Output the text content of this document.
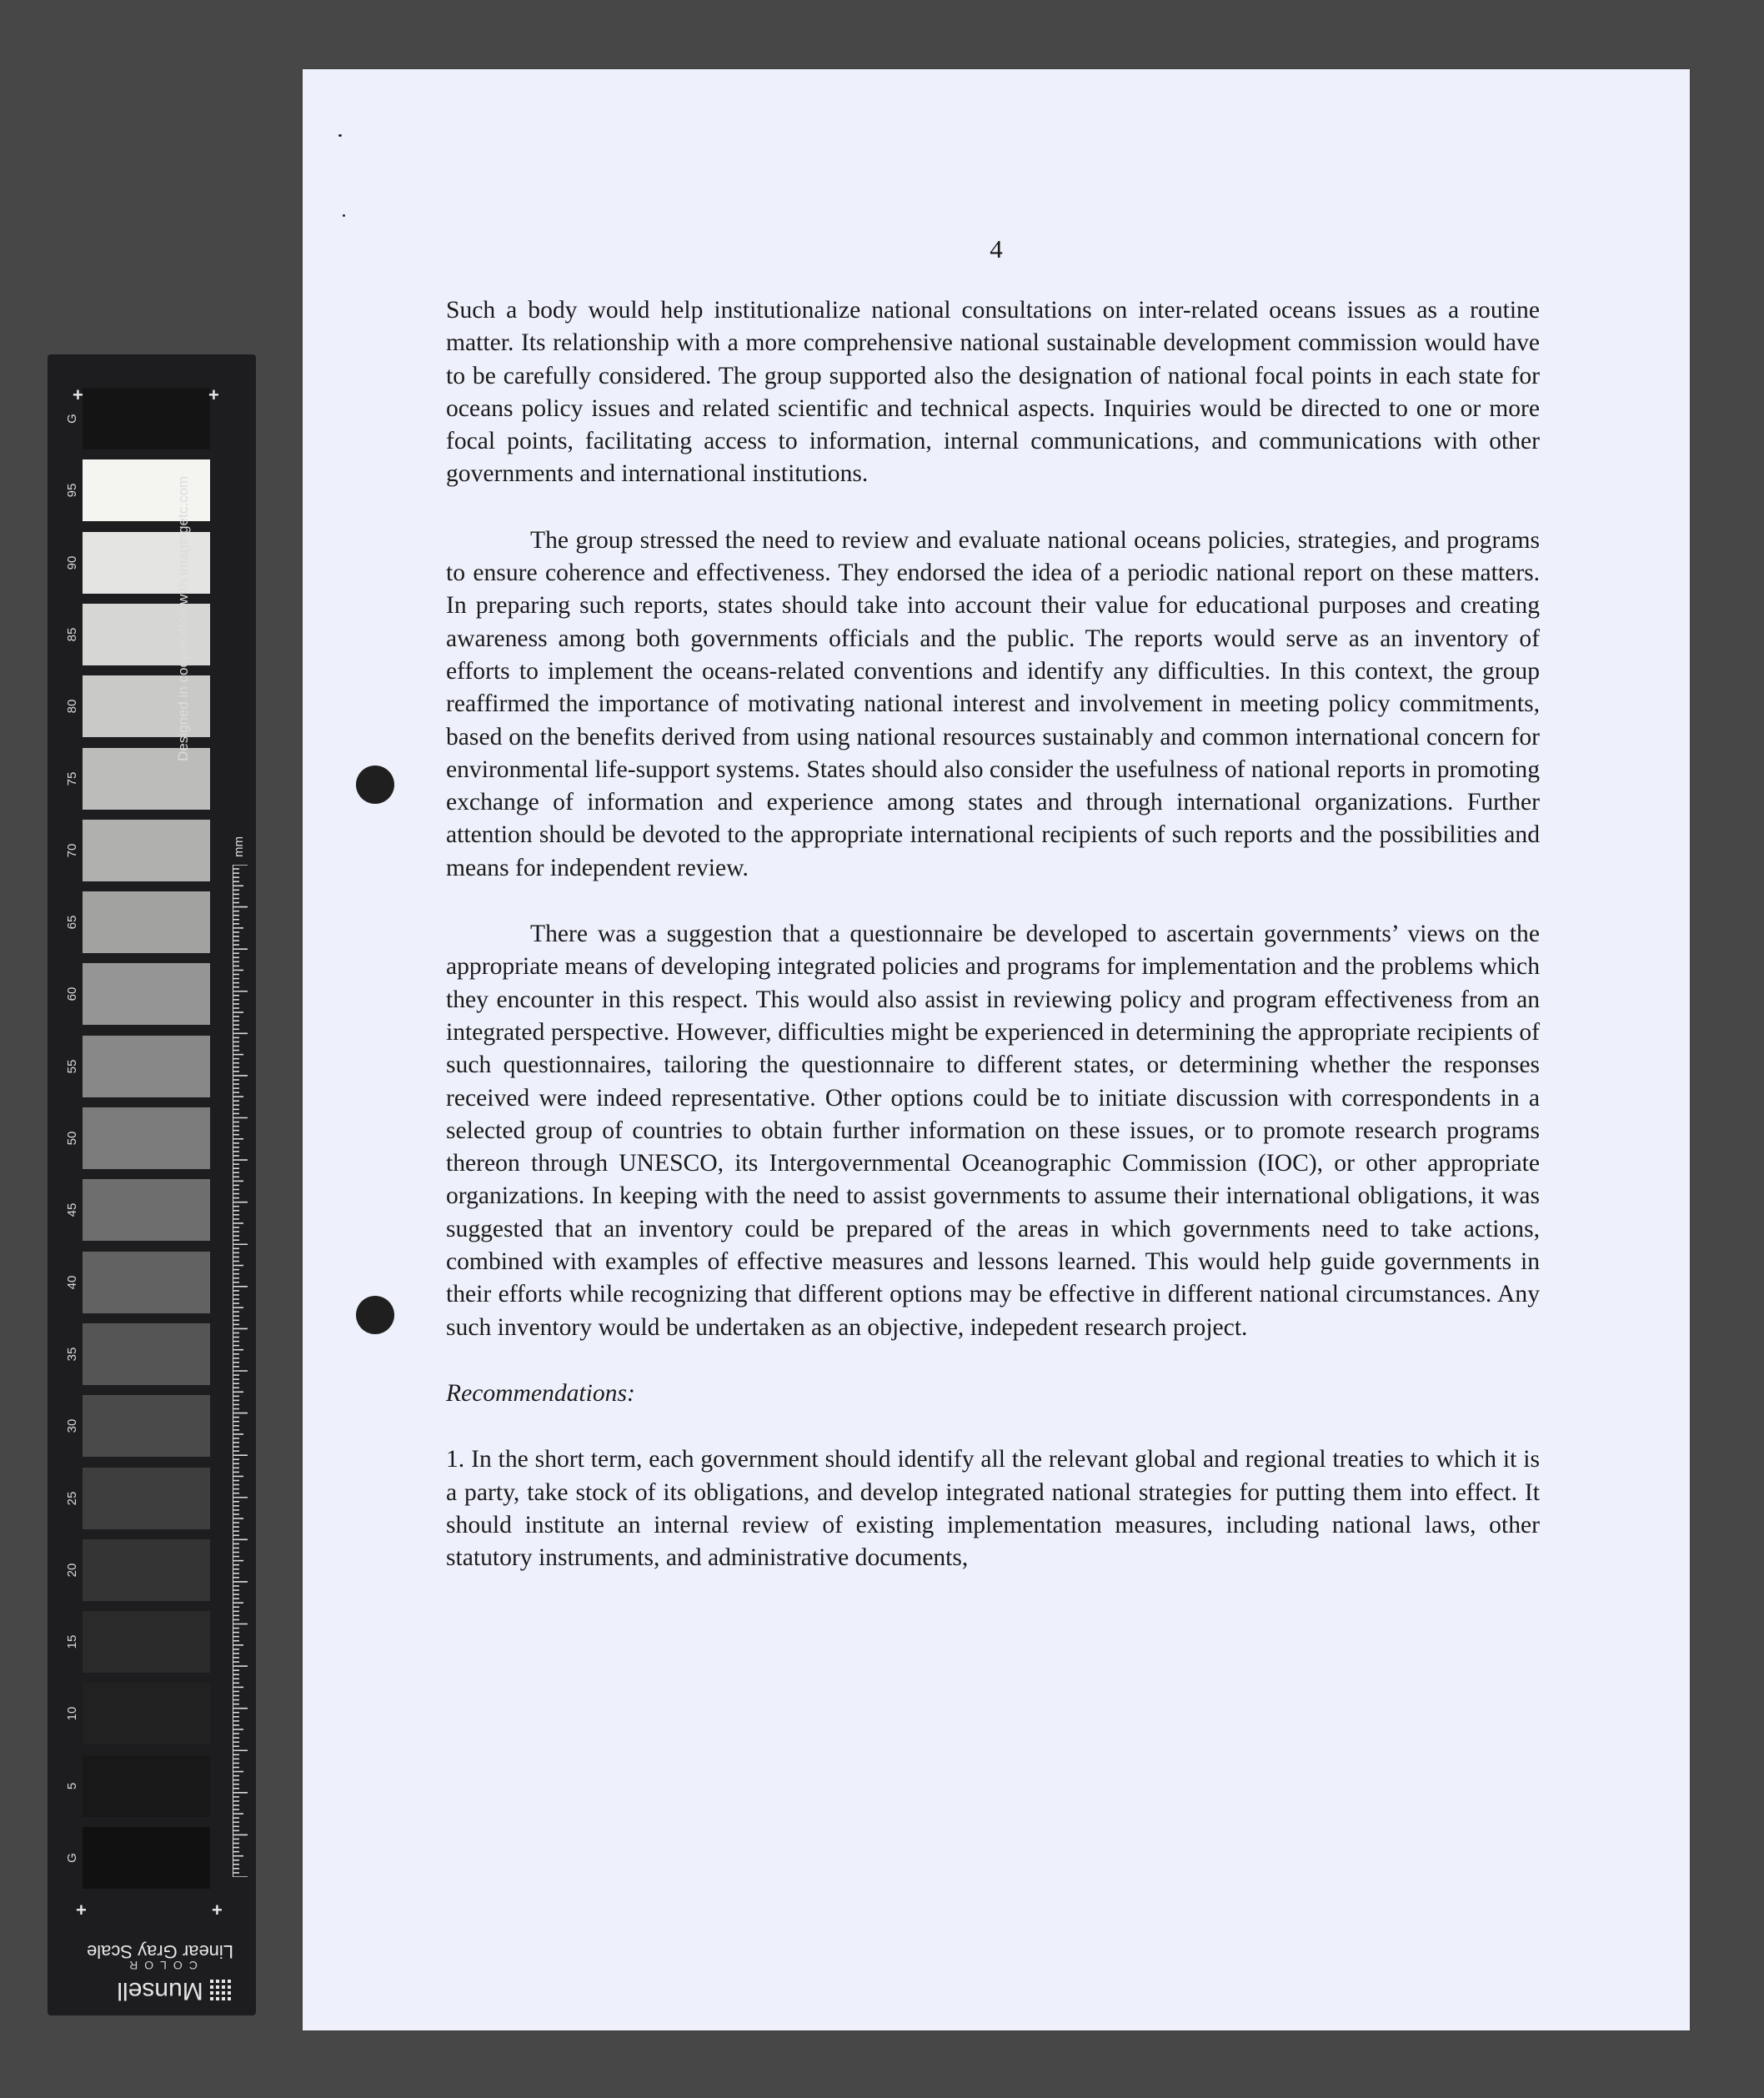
+	+
+	+
Designed in cooperation with imagingetc.com
mm
Linear Gray Scale
COLOR
Munsell
G
95
90
85
80
75
70
65
60
55
50
45
40
35
30
25
20
15
10
5
G
4

Such a body would help institutionalize national consultations on inter-related oceans issues as a routine matter. Its relationship with a more comprehensive national sustainable development commission would have to be carefully considered. The group supported also the designation of national focal points in each state for oceans policy issues and related scientific and technical aspects. Inquiries would be directed to one or more focal points, facilitating access to information, internal communications, and communications with other governments and international institutions.

The group stressed the need to review and evaluate national oceans policies, strategies, and programs to ensure coherence and effectiveness. They endorsed the idea of a periodic national report on these matters. In preparing such reports, states should take into account their value for educational purposes and creating awareness among both governments officials and the public. The reports would serve as an inventory of efforts to implement the oceans-related conventions and identify any difficulties. In this context, the group reaffirmed the importance of motivating national interest and involvement in meeting policy commitments, based on the benefits derived from using national resources sustainably and common international concern for environmental life-support systems. States should also consider the usefulness of national reports in promoting exchange of information and experience among states and through international organizations. Further attention should be devoted to the appropriate international recipients of such reports and the possibilities and means for independent review.

There was a suggestion that a questionnaire be developed to ascertain governments’ views on the appropriate means of developing integrated policies and programs for implementation and the problems which they encounter in this respect. This would also assist in reviewing policy and program effectiveness from an integrated perspective. However, difficulties might be experienced in determining the appropriate recipients of such questionnaires, tailoring the questionnaire to different states, or determining whether the responses received were indeed representative. Other options could be to initiate discussion with correspondents in a selected group of countries to obtain further information on these issues, or to promote research programs thereon through UNESCO, its Intergovernmental Oceanographic Commission (IOC), or other appropriate organizations. In keeping with the need to assist governments to assume their international obligations, it was suggested that an inventory could be prepared of the areas in which governments need to take actions, combined with examples of effective measures and lessons learned. This would help guide governments in their efforts while recognizing that different options may be effective in different national circumstances. Any such inventory would be undertaken as an objective, indepedent research project.

Recommendations:

1. In the short term, each government should identify all the relevant global and regional treaties to which it is a party, take stock of its obligations, and develop integrated national strategies for putting them into effect. It should institute an internal review of existing implementation measures, including national laws, other statutory instruments, and administrative documents,
